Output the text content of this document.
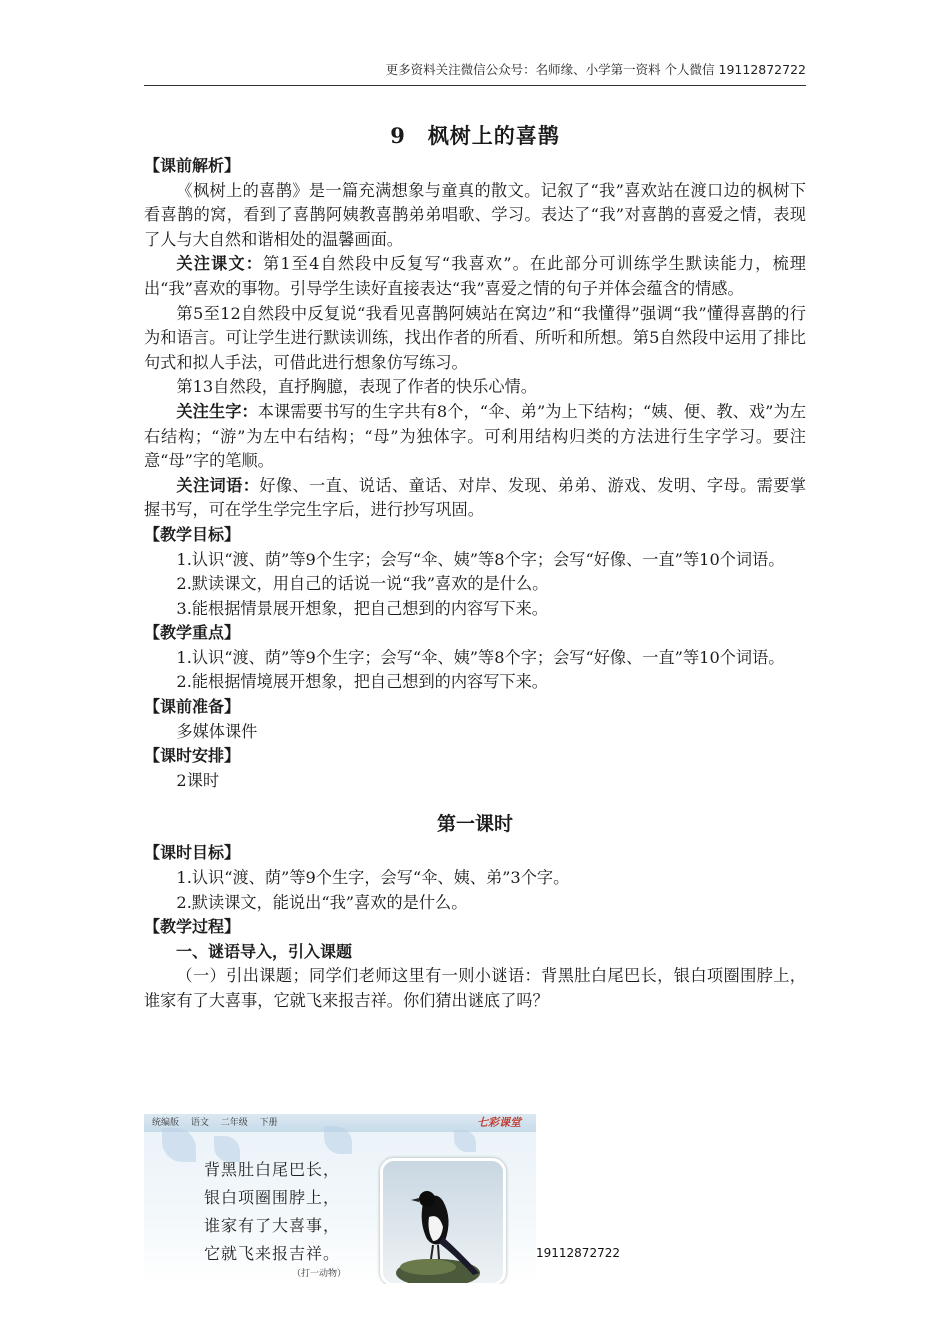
更多资料关注微信公众号：名师缘、小学第一资料 个人微信 19112872722
9　枫树上的喜鹊
【课前解析】

《枫树上的喜鹊》是一篇充满想象与童真的散文。记叙了“我”喜欢站在渡口边的枫树下看喜鹊的窝，看到了喜鹊阿姨教喜鹊弟弟唱歌、学习。表达了“我”对喜鹊的喜爱之情，表现了人与大自然和谐相处的温馨画面。

关注课文：第1至4自然段中反复写“我喜欢”。在此部分可训练学生默读能力，梳理出“我”喜欢的事物。引导学生读好直接表达“我”喜爱之情的句子并体会蕴含的情感。

第5至12自然段中反复说“我看见喜鹊阿姨站在窝边”和“我懂得”强调“我”懂得喜鹊的行为和语言。可让学生进行默读训练，找出作者的所看、所听和所想。第5自然段中运用了排比句式和拟人手法，可借此进行想象仿写练习。

第13自然段，直抒胸臆，表现了作者的快乐心情。

关注生字：本课需要书写的生字共有8个，“伞、弟”为上下结构；“姨、便、教、戏”为左右结构；“游”为左中右结构；“母”为独体字。可利用结构归类的方法进行生字学习。要注意“母”字的笔顺。

关注词语：好像、一直、说话、童话、对岸、发现、弟弟、游戏、发明、字母。需要掌握书写，可在学生学完生字后，进行抄写巩固。

【教学目标】

1.认识“渡、荫”等9个生字；会写“伞、姨”等8个字；会写“好像、一直”等10个词语。

2.默读课文，用自己的话说一说“我”喜欢的是什么。

3.能根据情景展开想象，把自己想到的内容写下来。

【教学重点】

1.认识“渡、荫”等9个生字；会写“伞、姨”等8个字；会写“好像、一直”等10个词语。

2.能根据情境展开想象，把自己想到的内容写下来。

【课前准备】

多媒体课件

【课时安排】

2课时

第一课时
【课时目标】

1.认识“渡、荫”等9个生字，会写“伞、姨、弟”3个字。

2.默读课文，能说出“我”喜欢的是什么。

【教学过程】
一、谜语导入，引入课题

（一）引出课题；同学们老师这里有一则小谜语：背黑肚白尾巴长，银白项圈围脖上，谁家有了大喜事，它就飞来报吉祥。你们猜出谜底了吗？

统编版 语文 二年级 下册	七彩课堂
背黑肚白尾巴长，
银白项圈围脖上，
谁家有了大喜事，
它就飞来报吉祥。
（打一动物）
19112872722
